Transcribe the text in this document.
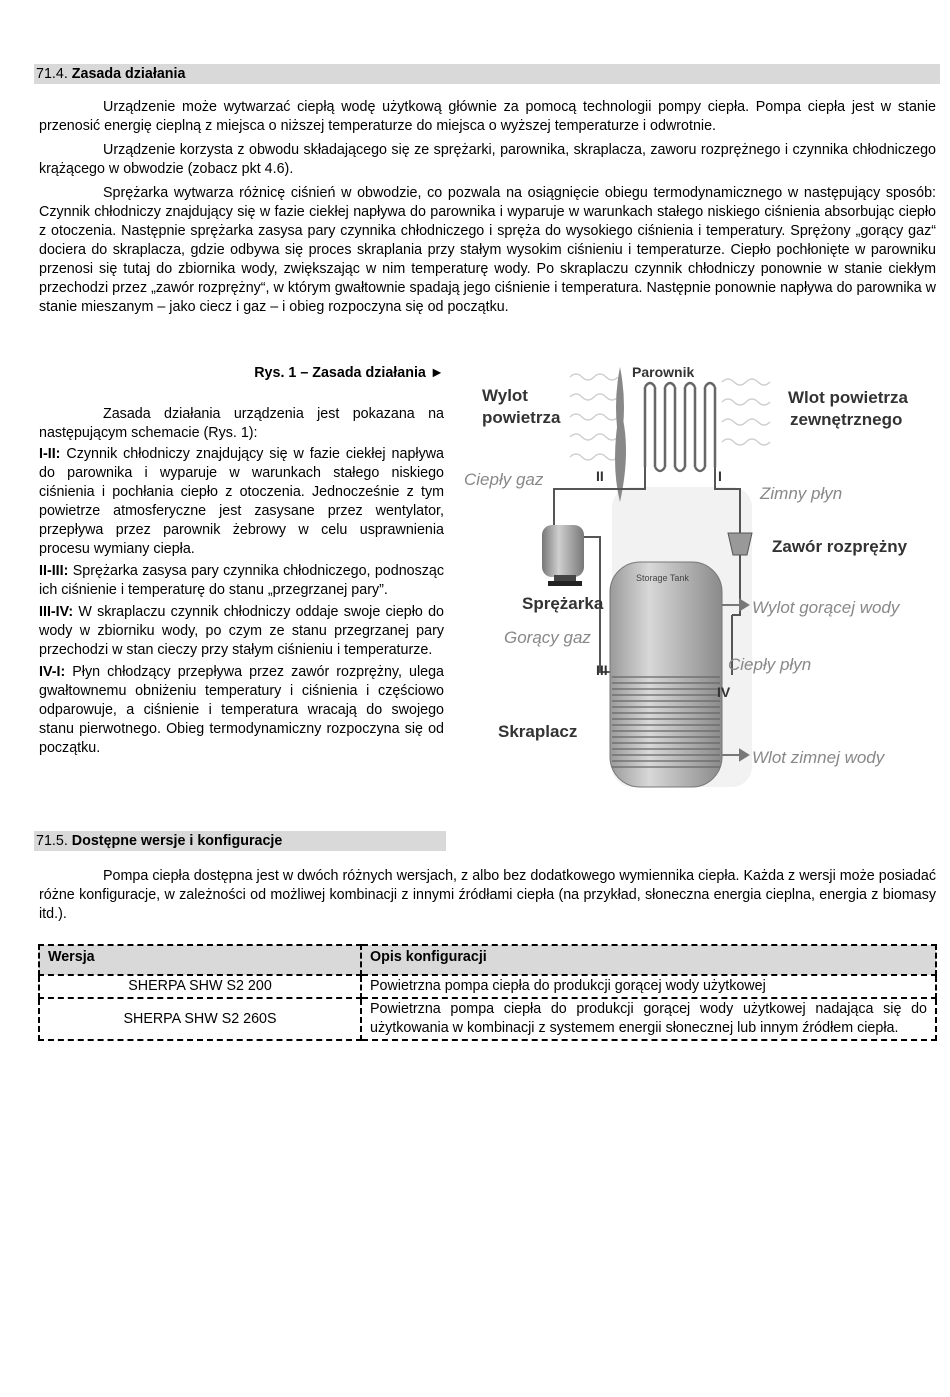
71.4. Zasada działania

Urządzenie może wytwarzać ciepłą wodę użytkową głównie za pomocą technologii pompy ciepła. Pompa ciepła jest w stanie przenosić energię cieplną z miejsca o niższej temperaturze do miejsca o wyższej temperaturze i odwrotnie.

Urządzenie korzysta z obwodu składającego się ze sprężarki, parownika, skraplacza, zaworu rozprężnego i czynnika chłodniczego krążącego w obwodzie (zobacz pkt 4.6).

Sprężarka wytwarza różnicę ciśnień w obwodzie, co pozwala na osiągnięcie obiegu termodynamicznego w następujący sposób: Czynnik chłodniczy znajdujący się w fazie ciekłej napływa do parownika i wyparuje w warunkach stałego niskiego ciśnienia absorbując ciepło z otoczenia. Następnie sprężarka zasysa pary czynnika chłodniczego i spręża do wysokiego ciśnienia i temperatury. Sprężony „gorący gaz“ dociera do skraplacza, gdzie odbywa się proces skraplania przy stałym wysokim ciśnieniu i temperaturze. Ciepło pochłonięte w parowniku przenosi się tutaj do zbiornika wody, zwiększając w nim temperaturę wody. Po skraplaczu czynnik chłodniczy ponownie w stanie ciekłym przechodzi przez „zawór rozprężny“, w którym gwałtownie spadają jego ciśnienie i temperatura. Następnie ponownie napływa do parownika w stanie mieszanym – jako ciecz i gaz – i obieg rozpoczyna się od początku.

Rys. 1 – Zasada działania ►

Zasada działania urządzenia jest pokazana na następującym schemacie (Rys. 1):

I-II: Czynnik chłodniczy znajdujący się w fazie ciekłej napływa do parownika i wyparuje w warunkach stałego niskiego ciśnienia i pochłania ciepło z otoczenia. Jednocześnie z tym powietrze atmosferyczne jest zasysane przez wentylator, przepływa przez parownik żebrowy w celu usprawnienia procesu wymiany ciepła.

II-III: Sprężarka zasysa pary czynnika chłodniczego, podnosząc ich ciśnienie i temperaturę do stanu „przegrzanej pary”.

III-IV: W skraplaczu czynnik chłodniczy oddaje swoje ciepło do wody w zbiorniku wody, po czym ze stanu przegrzanej pary przechodzi w stan cieczy przy stałym ciśnieniu i temperaturze.

IV-I: Płyn chłodzący przepływa przez zawór rozprężny, ulega gwałtownemu obniżeniu temperatury i ciśnienia i częściowo odparowuje, a ciśnienie i temperatura wracają do swojego stanu pierwotnego. Obieg termodynamiczny rozpoczyna się od początku.

Parownik
Wylot
powietrza
Wlot powietrza
zewnętrznego
Zawór rozprężny
Sprężarka
Skraplacz
II	I
III
IV
Ciepły gaz
Zimny płyn
Gorący gaz
Ciepły płyn
Wylot gorącej wody
Wlot zimnej wody
Storage Tank
71.5. Dostępne wersje i konfiguracje

Pompa ciepła dostępna jest w dwóch różnych wersjach, z albo bez dodatkowego wymiennika ciepła. Każda z wersji może posiadać różne konfiguracje, w zależności od możliwej kombinacji z innymi źródłami ciepła (na przykład, słoneczna energia cieplna, energia z biomasy itd.).

Wersja	Opis konfiguracji
SHERPA SHW S2 200	Powietrzna pompa ciepła do produkcji gorącej wody użytkowej
SHERPA SHW S2 260S	Powietrzna pompa ciepła do produkcji gorącej wody użytkowej nadająca się do użytkowania w kombinacji z systemem energii słonecznej lub innym źródłem ciepła.
